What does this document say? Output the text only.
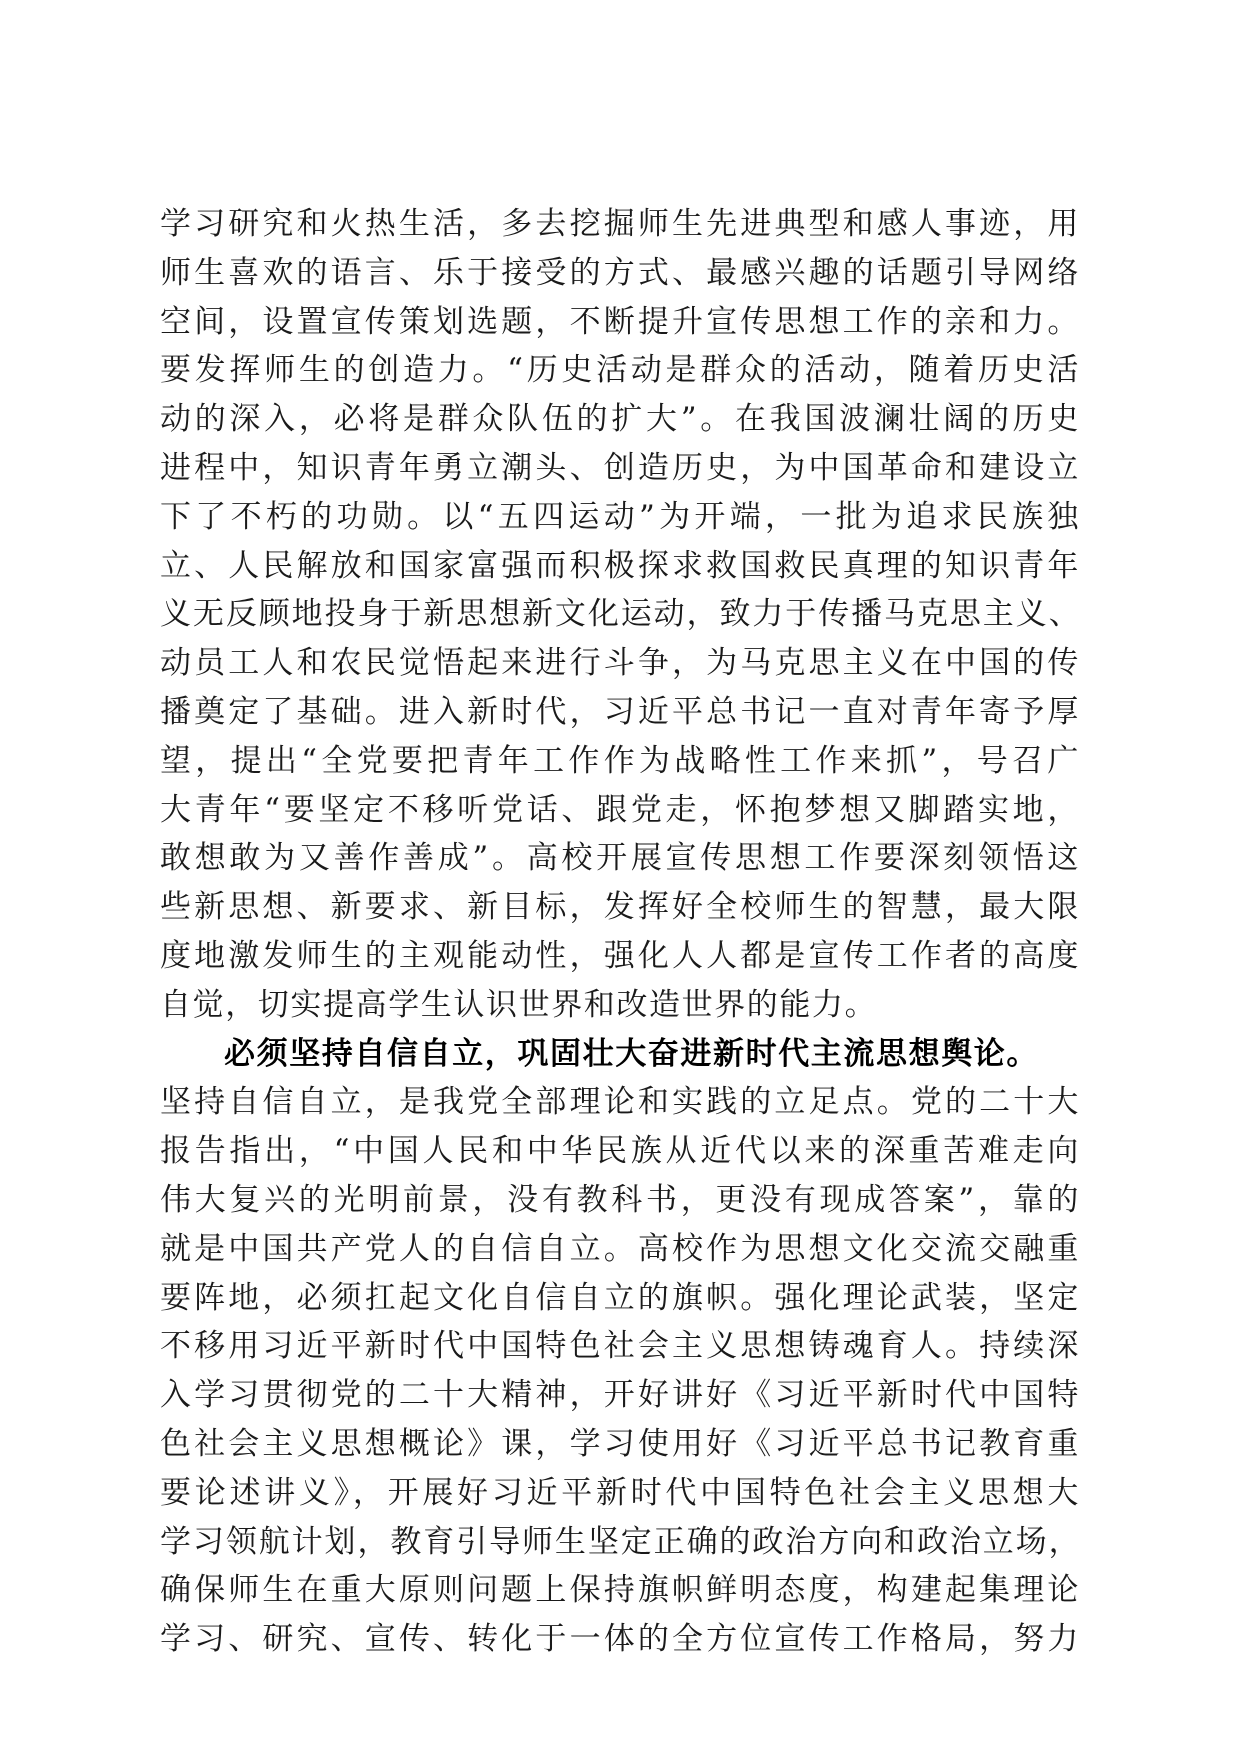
学习研究和火热生活，多去挖掘师生先进典型和感人事迹，用
师生喜欢的语言、乐于接受的方式、最感兴趣的话题引导网络
空间，设置宣传策划选题，不断提升宣传思想工作的亲和力。
要发挥师生的创造力。“历史活动是群众的活动，随着历史活
动的深入，必将是群众队伍的扩大”。在我国波澜壮阔的历史
进程中，知识青年勇立潮头、创造历史，为中国革命和建设立
下了不朽的功勋。以“五四运动”为开端，一批为追求民族独
立、人民解放和国家富强而积极探求救国救民真理的知识青年
义无反顾地投身于新思想新文化运动，致力于传播马克思主义、
动员工人和农民觉悟起来进行斗争，为马克思主义在中国的传
播奠定了基础。进入新时代，习近平总书记一直对青年寄予厚
望，提出“全党要把青年工作作为战略性工作来抓”，号召广
大青年“要坚定不移听党话、跟党走，怀抱梦想又脚踏实地，
敢想敢为又善作善成”。高校开展宣传思想工作要深刻领悟这
些新思想、新要求、新目标，发挥好全校师生的智慧，最大限
度地激发师生的主观能动性，强化人人都是宣传工作者的高度
自觉，切实提高学生认识世界和改造世界的能力。
必须坚持自信自立，巩固壮大奋进新时代主流思想舆论。
坚持自信自立，是我党全部理论和实践的立足点。党的二十大
报告指出，“中国人民和中华民族从近代以来的深重苦难走向
伟大复兴的光明前景，没有教科书，更没有现成答案”，靠的
就是中国共产党人的自信自立。高校作为思想文化交流交融重
要阵地，必须扛起文化自信自立的旗帜。强化理论武装，坚定
不移用习近平新时代中国特色社会主义思想铸魂育人。持续深
入学习贯彻党的二十大精神，开好讲好《习近平新时代中国特
色社会主义思想概论》课，学习使用好《习近平总书记教育重
要论述讲义》，开展好习近平新时代中国特色社会主义思想大
学习领航计划，教育引导师生坚定正确的政治方向和政治立场，
确保师生在重大原则问题上保持旗帜鲜明态度，构建起集理论
学习、研究、宣传、转化于一体的全方位宣传工作格局，努力
